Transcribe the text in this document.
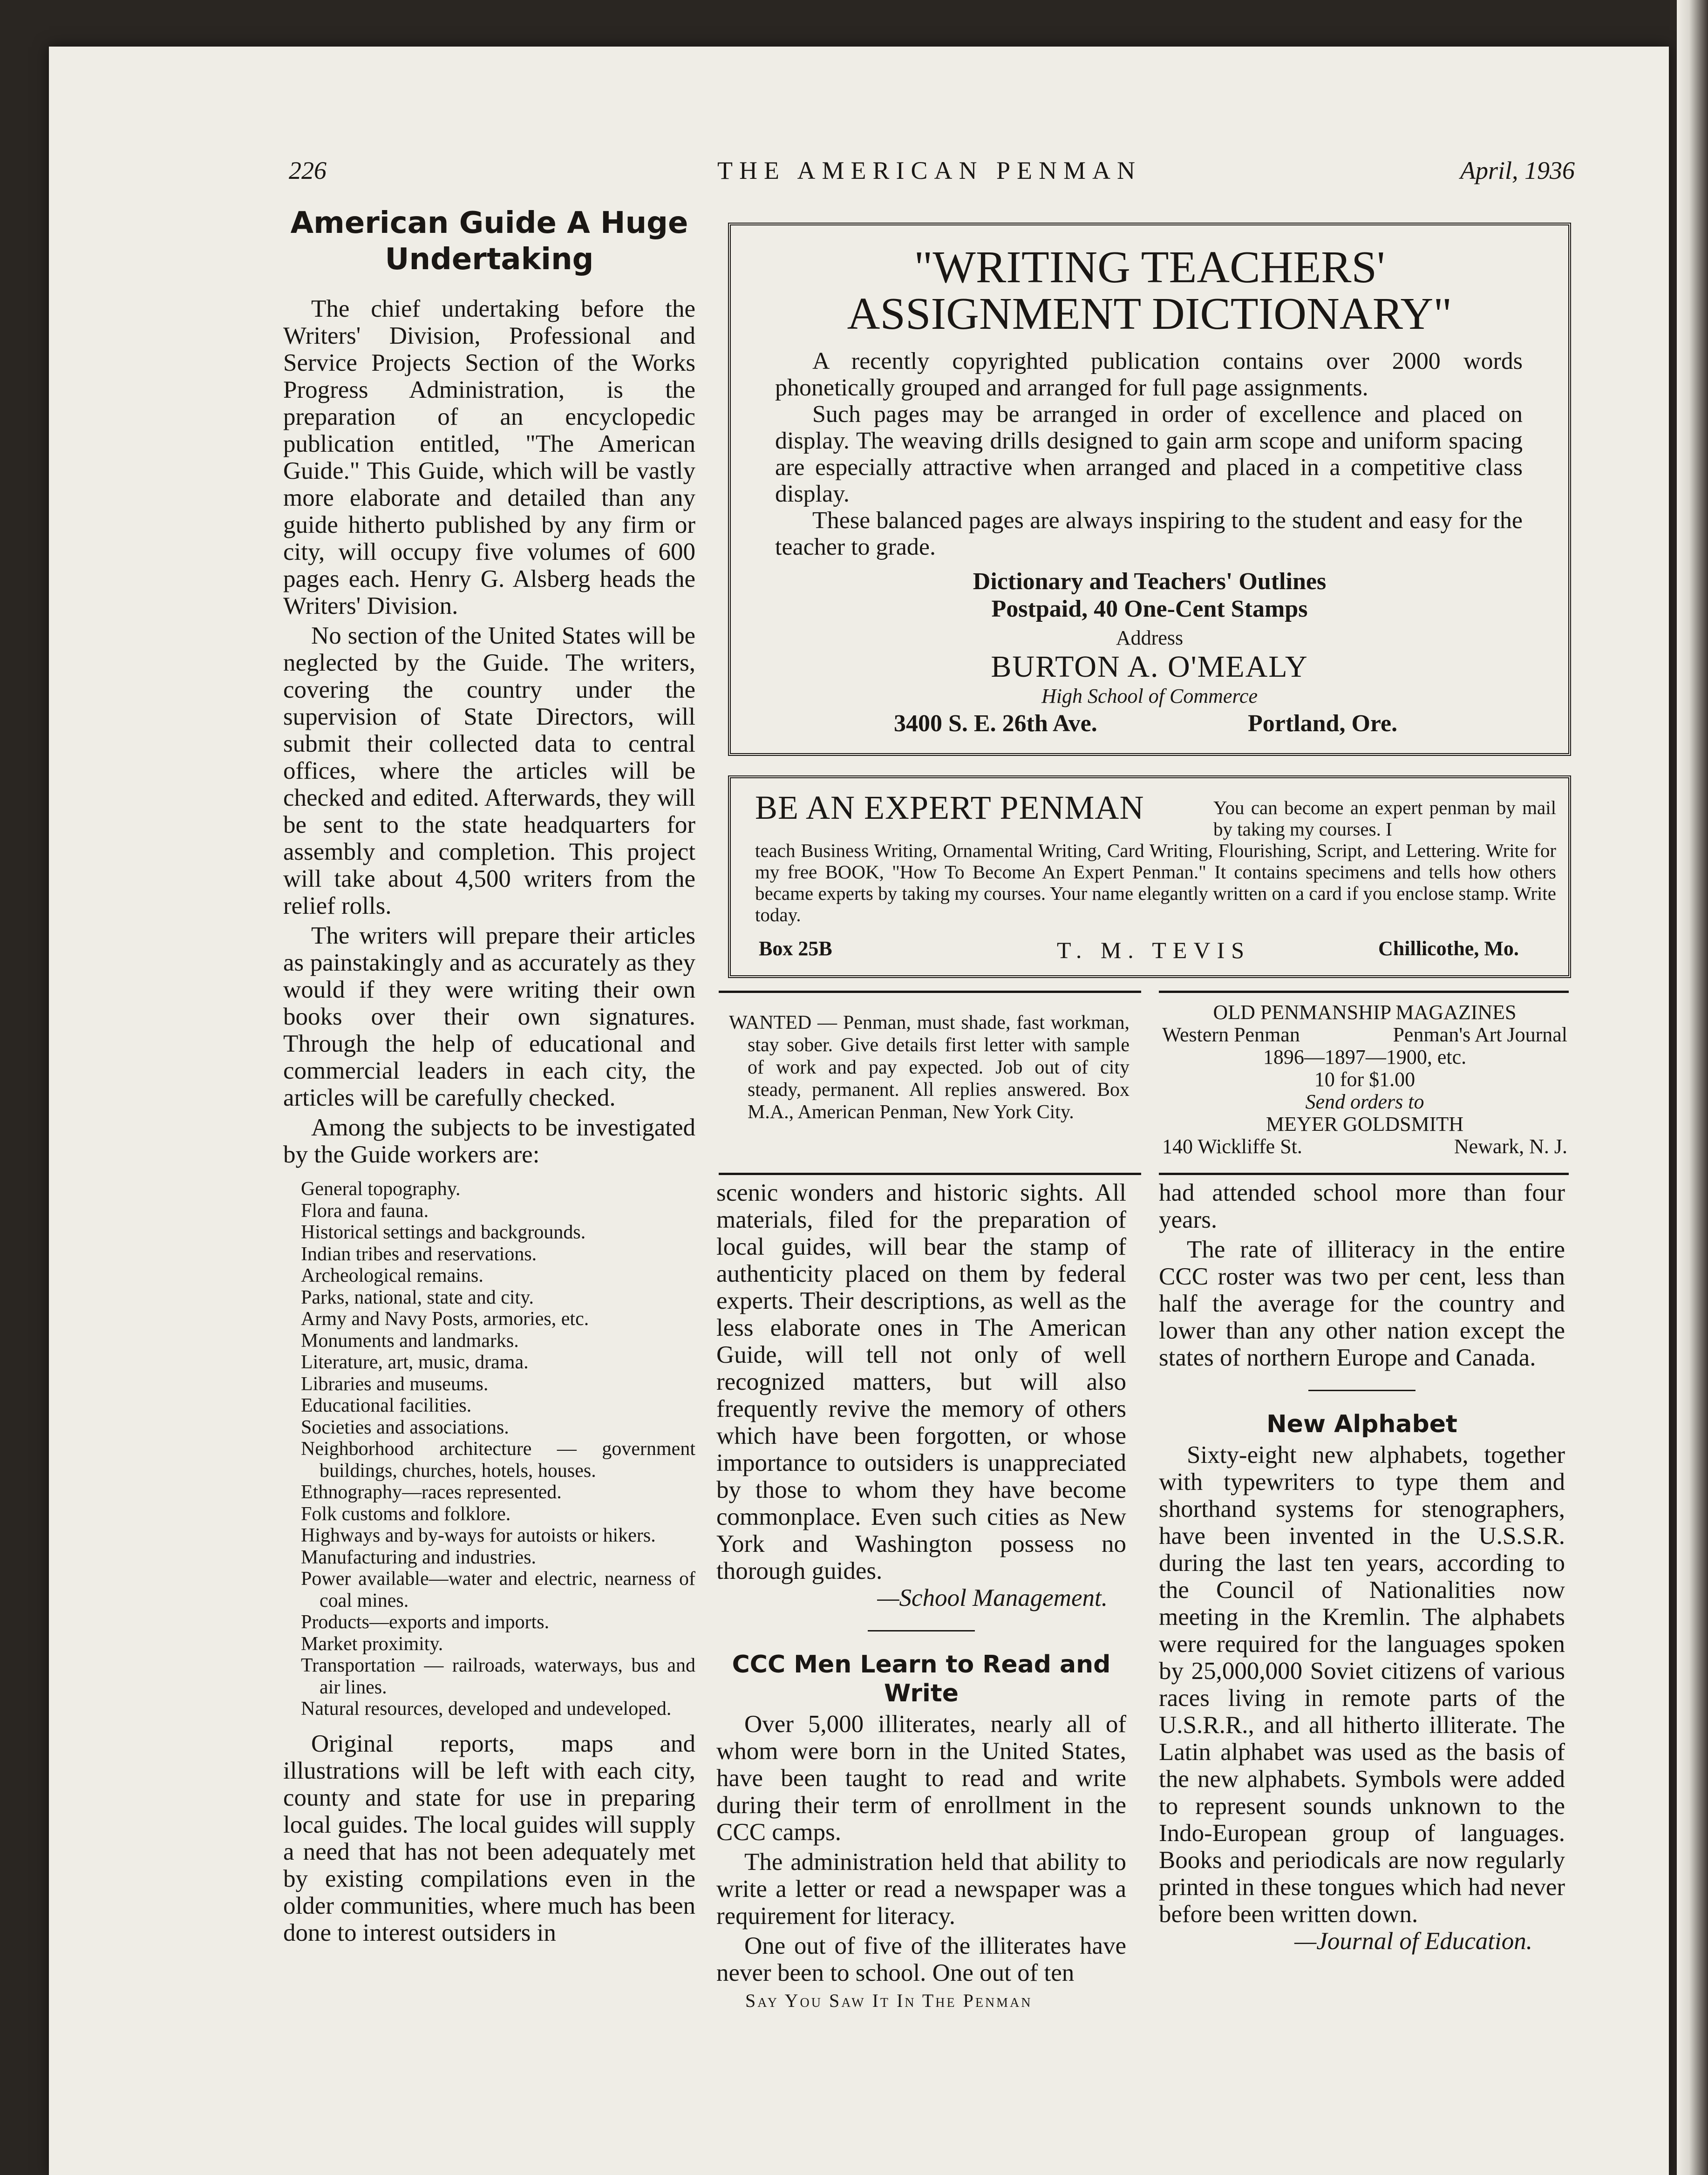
226	THE AMERICAN PENMAN	April, 1936
American Guide A Huge Undertaking

The chief undertaking before the Writers' Division, Professional and Service Projects Section of the Works Progress Administration, is the preparation of an encyclopedic publication entitled, "The American Guide." This Guide, which will be vastly more elaborate and detailed than any guide hitherto published by any firm or city, will occupy five volumes of 600 pages each. Henry G. Alsberg heads the Writers' Division.

No section of the United States will be neglected by the Guide. The writers, covering the country under the supervision of State Directors, will submit their collected data to central offices, where the articles will be checked and edited. Afterwards, they will be sent to the state headquarters for assembly and completion. This project will take about 4,500 writers from the relief rolls.

The writers will prepare their articles as painstakingly and as accurately as they would if they were writing their own books over their own signatures. Through the help of educational and commercial leaders in each city, the articles will be carefully checked.

Among the subjects to be investigated by the Guide workers are:

General topography.
Flora and fauna.
Historical settings and backgrounds.
Indian tribes and reservations.
Archeological remains.
Parks, national, state and city.
Army and Navy Posts, armories, etc.
Monuments and landmarks.
Literature, art, music, drama.
Libraries and museums.
Educational facilities.
Societies and associations.
Neighborhood architecture — government buildings, churches, hotels, houses.
Ethnography—races represented.
Folk customs and folklore.
Highways and by-ways for autoists or hikers.
Manufacturing and industries.
Power available—water and electric, nearness of coal mines.
Products—exports and imports.
Market proximity.
Transportation — railroads, waterways, bus and air lines.
Natural resources, developed and undeveloped.

Original reports, maps and illustrations will be left with each city, county and state for use in preparing local guides. The local guides will supply a need that has not been adequately met by existing compilations even in the older communities, where much has been done to interest outsiders in

"WRITING TEACHERS'
ASSIGNMENT DICTIONARY"

A recently copyrighted publication contains over 2000 words phonetically grouped and arranged for full page assignments.

Such pages may be arranged in order of excellence and placed on display. The weaving drills designed to gain arm scope and uniform spacing are especially attractive when arranged and placed in a competitive class display.

These balanced pages are always inspiring to the student and easy for the teacher to grade.

Dictionary and Teachers' Outlines
Postpaid, 40 One-Cent Stamps
Address
BURTON A. O'MEALY
High School of Commerce
3400 S. E. 26th Ave.	Portland, Ore.
BE AN EXPERT PENMAN	You can become an expert penman by mail by taking my courses. I
teach Business Writing, Ornamental Writing, Card Writing, Flourishing, Script, and Lettering. Write for my free BOOK, "How To Become An Expert Penman." It contains specimens and tells how others became experts by taking my courses. Your name elegantly written on a card if you enclose stamp. Write today.
Box 25B	T. M. TEVIS	Chillicothe, Mo.

WANTED — Penman, must shade, fast workman, stay sober. Give details first letter with sample of work and pay expected. Job out of city steady, permanent. All replies answered. Box M.A., American Penman, New York City.

OLD PENMANSHIP MAGAZINES
Western Penman	Penman's Art Journal
1896—1897—1900, etc.
10 for $1.00
Send orders to
MEYER GOLDSMITH
140 Wickliffe St.	Newark, N. J.

scenic wonders and historic sights. All materials, filed for the preparation of local guides, will bear the stamp of authenticity placed on them by federal experts. Their descriptions, as well as the less elaborate ones in The American Guide, will tell not only of well recognized matters, but will also frequently revive the memory of others which have been forgotten, or whose importance to outsiders is unappreciated by those to whom they have become commonplace. Even such cities as New York and Washington possess no thorough guides.

—School Management.
CCC Men Learn to Read and Write

Over 5,000 illiterates, nearly all of whom were born in the United States, have been taught to read and write during their term of enrollment in the CCC camps.

The administration held that ability to write a letter or read a newspaper was a requirement for literacy.

One out of five of the illiterates have never been to school. One out of ten

had attended school more than four years.

The rate of illiteracy in the entire CCC roster was two per cent, less than half the average for the country and lower than any other nation except the states of northern Europe and Canada.

New Alphabet

Sixty-eight new alphabets, together with typewriters to type them and shorthand systems for stenographers, have been invented in the U.S.S.R. during the last ten years, according to the Council of Nationalities now meeting in the Kremlin. The alphabets were required for the languages spoken by 25,000,000 Soviet citizens of various races living in remote parts of the U.S.R.R., and all hitherto illiterate. The Latin alphabet was used as the basis of the new alphabets. Symbols were added to represent sounds unknown to the Indo-European group of languages. Books and periodicals are now regularly printed in these tongues which had never before been written down.

—Journal of Education.
Say You Saw It In The Penman
